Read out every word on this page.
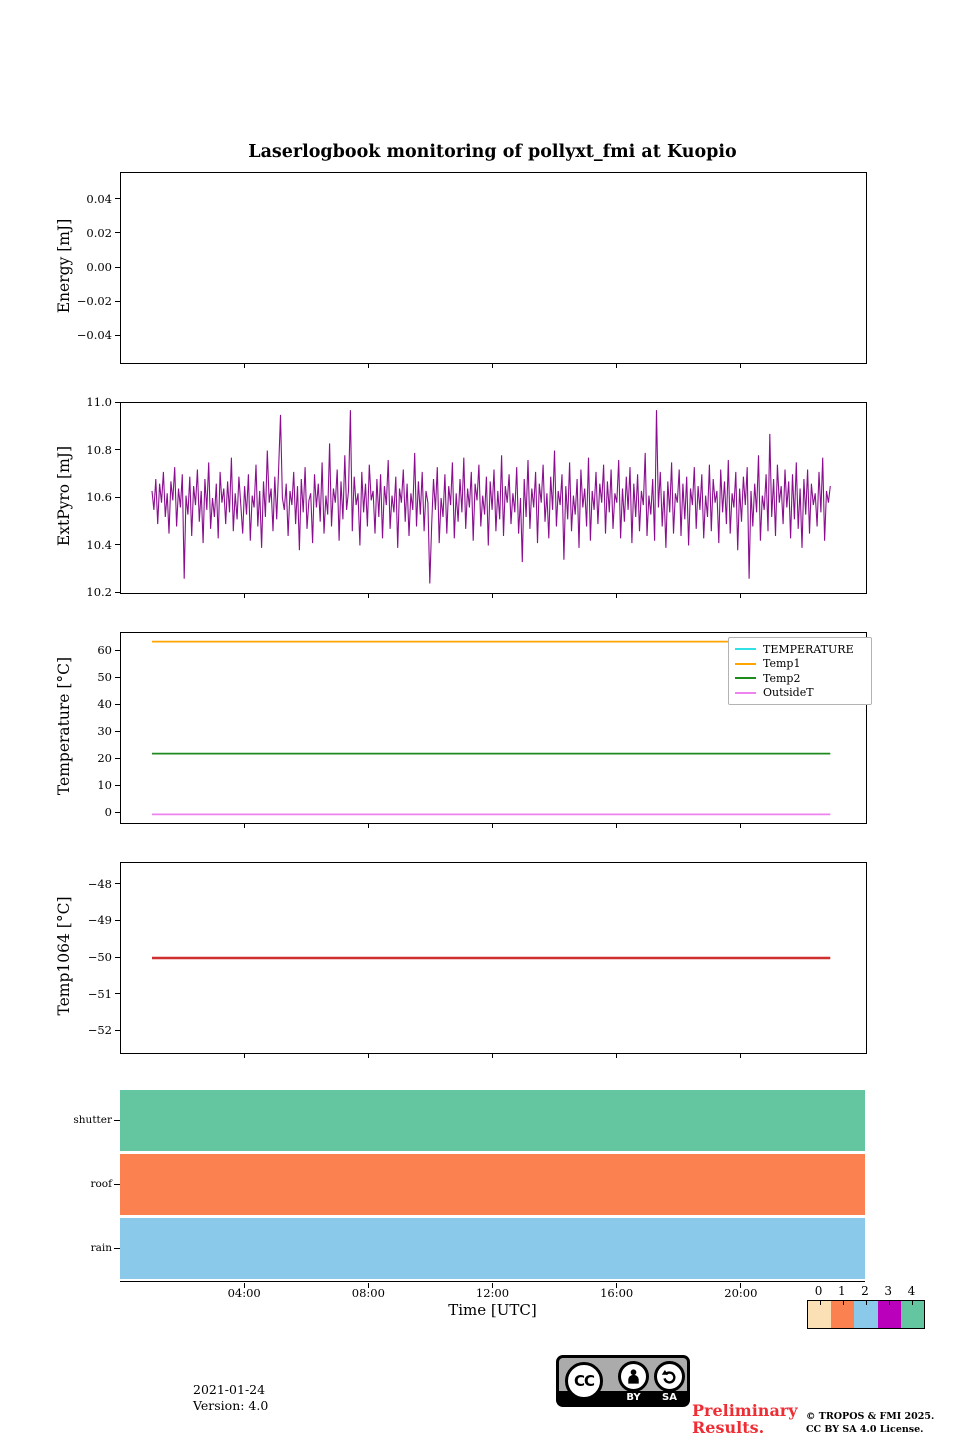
Laserlogbook monitoring of pollyxt_fmi at Kuopio
Energy [mJ]
0.04
0.02
0.00
−0.02
−0.04
ExtPyro [mJ]
11.0
10.8
10.6
10.4
10.2
Temperature [°C]
60
50
40
30
20
10
0
TEMPERATURE
Temp1
Temp2
OutsideT
Temp1064 [°C]
−48
−49
−50
−51
−52
shutter
roof
rain
04:00	08:00	12:00	16:00	20:00	0	1	2	3	4
Time [UTC]
2021-01-24
Version: 4.0
CC
BY	SA
Preliminary
Results.
© TROPOS & FMI 2025.
CC BY SA 4.0 License.
